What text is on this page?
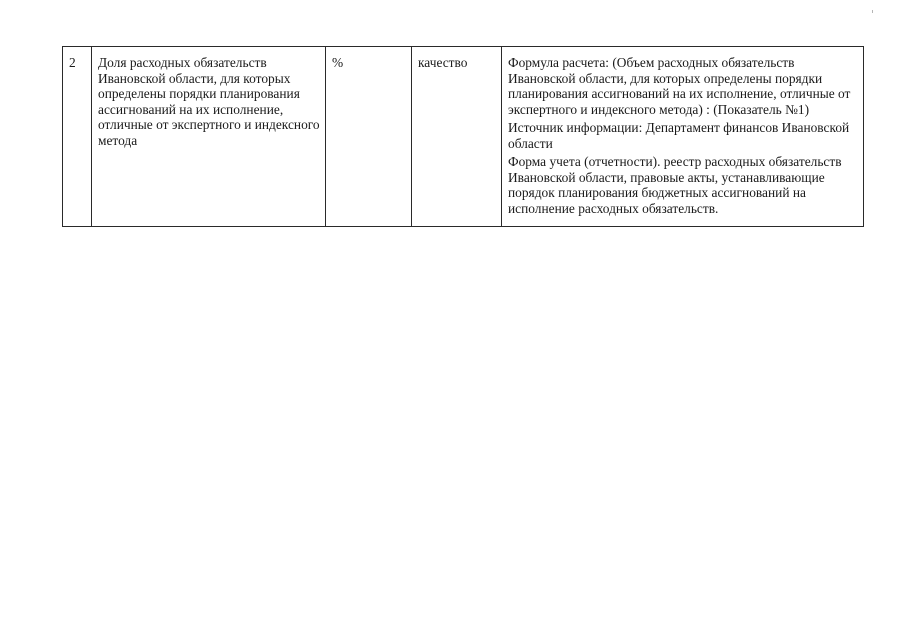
2	Доля расходных обязательств Ивановской области, для которых определены порядки планирования ассигнований на их исполнение, отличные от экспертного и индексного метода	%	качество	Формула расчета: (Объем расходных обязательств Ивановской области, для которых определены порядки планирования ассигнований на их исполнение, отличные от экспертного и индексного метода) : (Показатель №1)

Источник информации: Департамент финансов Ивановской области

Форма учета (отчетности). реестр расходных обязательств Ивановской области, правовые акты, устанавливающие порядок планирования бюджетных ассигнований на исполнение расходных обязательств.
